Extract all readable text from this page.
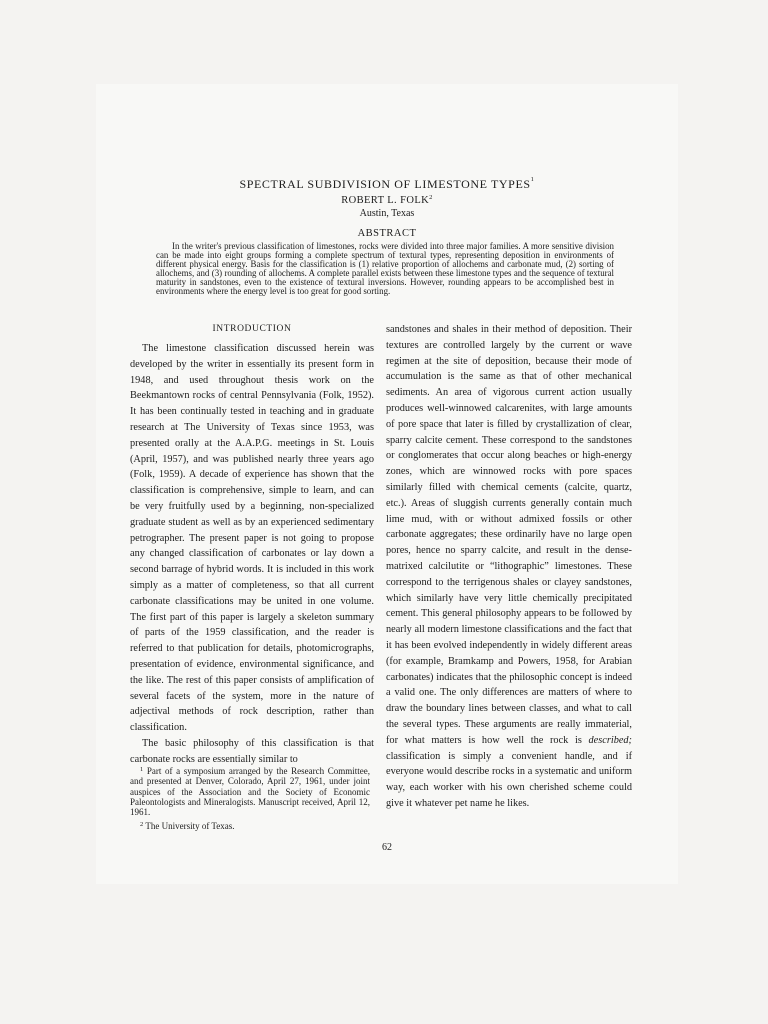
SPECTRAL SUBDIVISION OF LIMESTONE TYPES$^1$
ROBERT L. FOLK$^2$
Austin, Texas
ABSTRACT

In the writer's previous classification of limestones, rocks were divided into three major families. A more sensitive division can be made into eight groups forming a complete spectrum of textural types, representing deposition in environments of different physical energy. Basis for the classification is (1) relative proportion of allochems and carbonate mud, (2) sorting of allochems, and (3) rounding of allochems. A complete parallel exists between these limestone types and the sequence of textural maturity in sandstones, even to the existence of textural inversions. However, rounding appears to be accomplished best in environments where the energy level is too great for good sorting.

INTRODUCTION

The limestone classification discussed herein was developed by the writer in essentially its present form in 1948, and used throughout thesis work on the Beekmantown rocks of central Pennsylvania (Folk, 1952). It has been continually tested in teaching and in graduate research at The University of Texas since 1953, was presented orally at the A.A.P.G. meetings in St. Louis (April, 1957), and was published nearly three years ago (Folk, 1959). A decade of experience has shown that the classification is comprehensive, simple to learn, and can be very fruitfully used by a beginning, non-specialized graduate student as well as by an experienced sedimentary petrographer. The present paper is not going to propose any changed classification of carbonates or lay down a second barrage of hybrid words. It is included in this work simply as a matter of completeness, so that all current carbonate classifications may be united in one volume. The first part of this paper is largely a skeleton summary of parts of the 1959 classification, and the reader is referred to that publication for details, photomicrographs, presentation of evidence, environmental significance, and the like. The rest of this paper consists of amplification of several facets of the system, more in the nature of adjectival methods of rock description, rather than classification.

The basic philosophy of this classification is that carbonate rocks are essentially similar to

$^1$ Part of a symposium arranged by the Research Committee, and presented at Denver, Colorado, April 27, 1961, under joint auspices of the Association and the Society of Economic Paleontologists and Mineralogists. Manuscript received, April 12, 1961.

$^2$ The University of Texas.

sandstones and shales in their method of deposition. Their textures are controlled largely by the current or wave regimen at the site of deposition, because their mode of accumulation is the same as that of other mechanical sediments. An area of vigorous current action usually produces well-winnowed calcarenites, with large amounts of pore space that later is filled by crystallization of clear, sparry calcite cement. These correspond to the sandstones or conglomerates that occur along beaches or high-energy zones, which are winnowed rocks with pore spaces similarly filled with chemical cements (calcite, quartz, etc.). Areas of sluggish currents generally contain much lime mud, with or without admixed fossils or other carbonate aggregates; these ordinarily have no large open pores, hence no sparry calcite, and result in the dense-matrixed calcilutite or “lithographic” limestones. These correspond to the terrigenous shales or clayey sandstones, which similarly have very little chemically precipitated cement. This general philosophy appears to be followed by nearly all modern limestone classifications and the fact that it has been evolved independently in widely different areas (for example, Bramkamp and Powers, 1958, for Arabian carbonates) indicates that the philosophic concept is indeed a valid one. The only differences are matters of where to draw the boundary lines between classes, and what to call the several types. These arguments are really immaterial, for what matters is how well the rock is described; classification is simply a convenient handle, and if everyone would describe rocks in a systematic and uniform way, each worker with his own cherished scheme could give it whatever pet name he likes.

62
